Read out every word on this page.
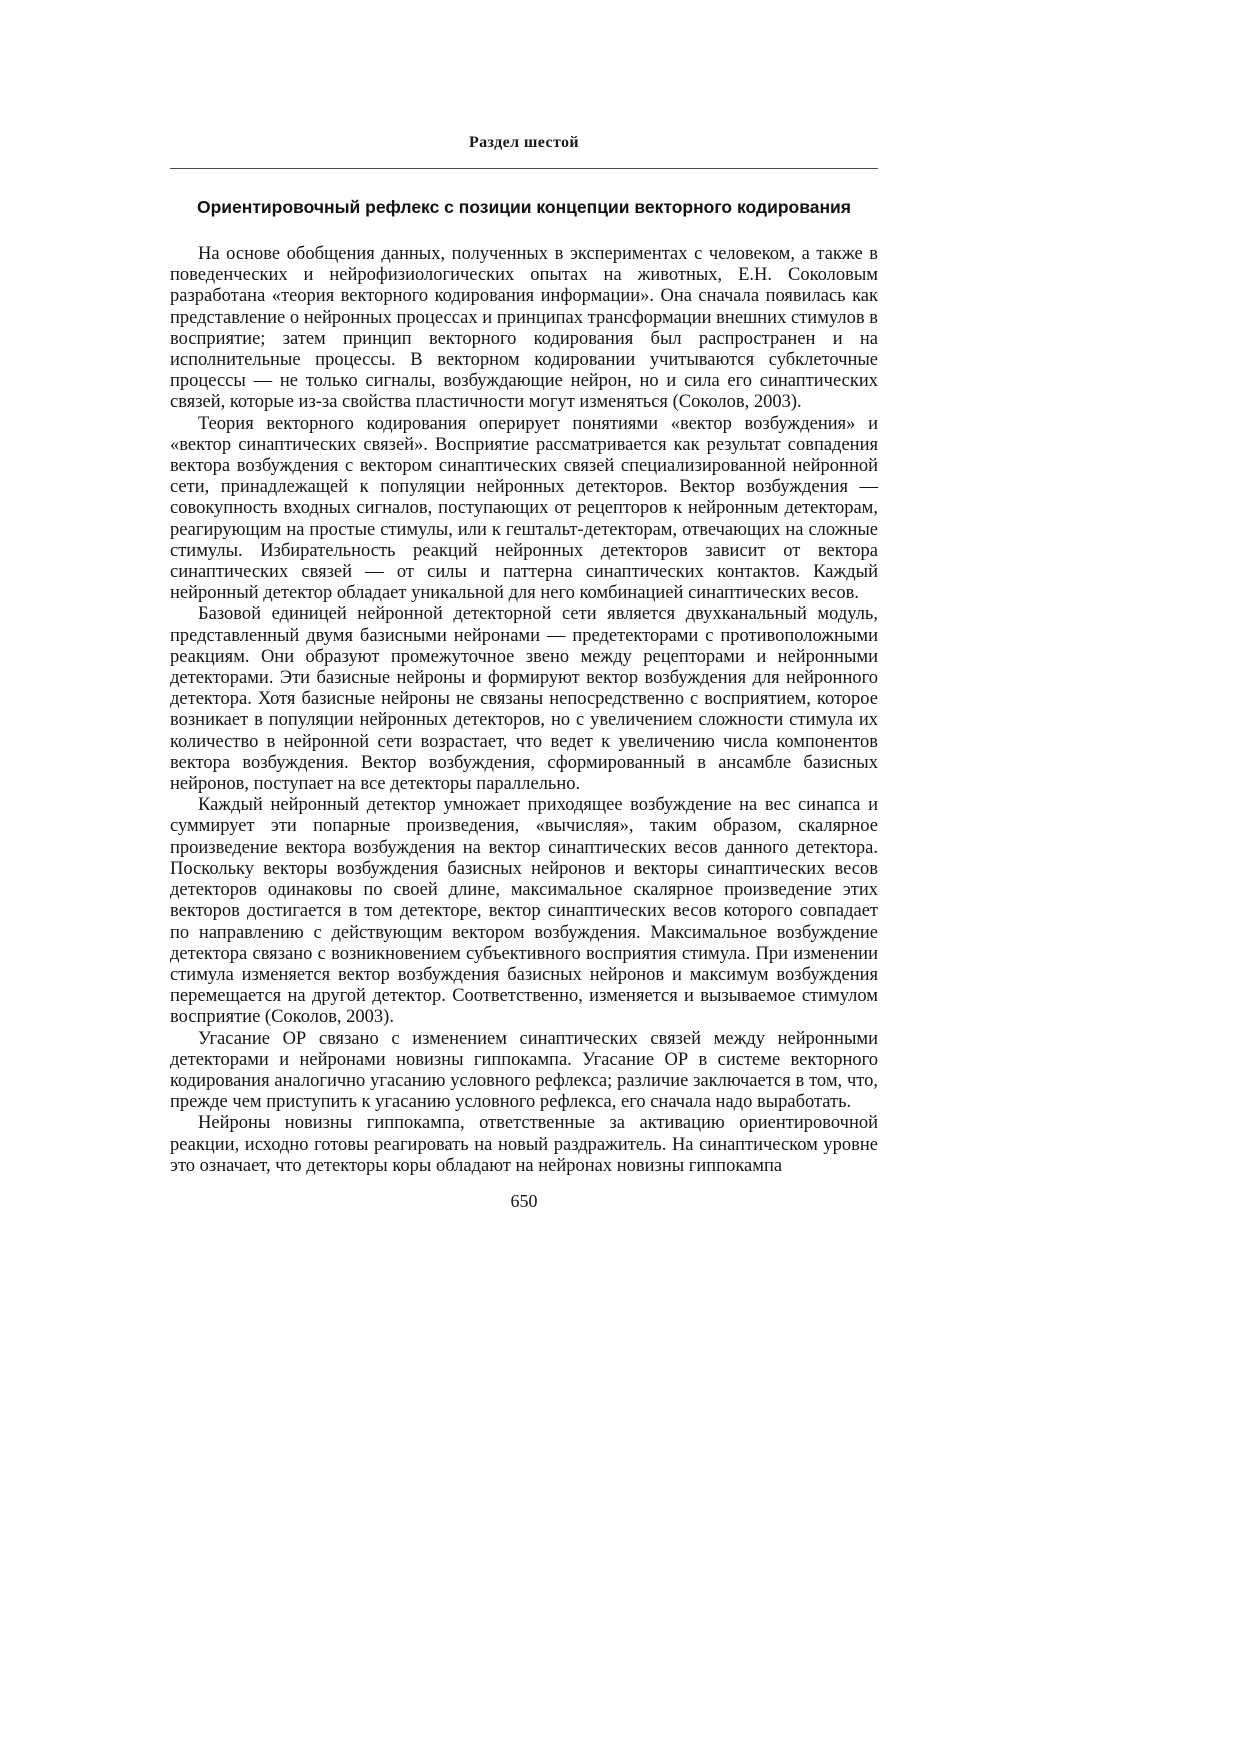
Раздел шестой
Ориентировочный рефлекс с позиции концепции векторного кодирования

На основе обобщения данных, полученных в экспериментах с человеком, а также в поведенческих и нейрофизиологических опытах на животных, Е.Н. Соколовым разработана «теория векторного кодирования информации». Она сначала появилась как представление о нейронных процессах и принципах трансформации внешних стимулов в восприятие; затем принцип векторного кодирования был распространен и на исполнительные процессы. В векторном кодировании учитываются субклеточные процессы — не только сигналы, возбуждающие нейрон, но и сила его синаптических связей, которые из-за свойства пластичности могут изменяться (Соколов, 2003).

Теория векторного кодирования оперирует понятиями «вектор возбуждения» и «вектор синаптических связей». Восприятие рассматривается как результат совпадения вектора возбуждения с вектором синаптических связей специализированной нейронной сети, принадлежащей к популяции нейронных детекторов. Вектор возбуждения — совокупность входных сигналов, поступающих от рецепторов к нейронным детекторам, реагирующим на простые стимулы, или к гештальт-детекторам, отвечающих на сложные стимулы. Избирательность реакций нейронных детекторов зависит от вектора синаптических связей — от силы и паттерна синаптических контактов. Каждый нейронный детектор обладает уникальной для него комбинацией синаптических весов.

Базовой единицей нейронной детекторной сети является двухканальный модуль, представленный двумя базисными нейронами — предетекторами с противоположными реакциям. Они образуют промежуточное звено между рецепторами и нейронными детекторами. Эти базисные нейроны и формируют вектор возбуждения для нейронного детектора. Хотя базисные нейроны не связаны непосредственно с восприятием, которое возникает в популяции нейронных детекторов, но с увеличением сложности стимула их количество в нейронной сети возрастает, что ведет к увеличению числа компонентов вектора возбуждения. Вектор возбуждения, сформированный в ансамбле базисных нейронов, поступает на все детекторы параллельно.

Каждый нейронный детектор умножает приходящее возбуждение на вес синапса и суммирует эти попарные произведения, «вычисляя», таким образом, скалярное произведение вектора возбуждения на вектор синаптических весов данного детектора. Поскольку векторы возбуждения базисных нейронов и векторы синаптических весов детекторов одинаковы по своей длине, максимальное скалярное произведение этих векторов достигается в том детекторе, вектор синаптических весов которого совпадает по направлению с действующим вектором возбуждения. Максимальное возбуждение детектора связано с возникновением субъективного восприятия стимула. При изменении стимула изменяется вектор возбуждения базисных нейронов и максимум возбуждения перемещается на другой детектор. Соответственно, изменяется и вызываемое стимулом восприятие (Соколов, 2003).

Угасание ОР связано с изменением синаптических связей между нейронными детекторами и нейронами новизны гиппокампа. Угасание ОР в системе векторного кодирования аналогично угасанию условного рефлекса; различие заключается в том, что, прежде чем приступить к угасанию условного рефлекса, его сначала надо выработать.

Нейроны новизны гиппокампа, ответственные за активацию ориентировочной реакции, исходно готовы реагировать на новый раздражитель. На синаптическом уровне это означает, что детекторы коры обладают на нейронах новизны гиппокампа

650
